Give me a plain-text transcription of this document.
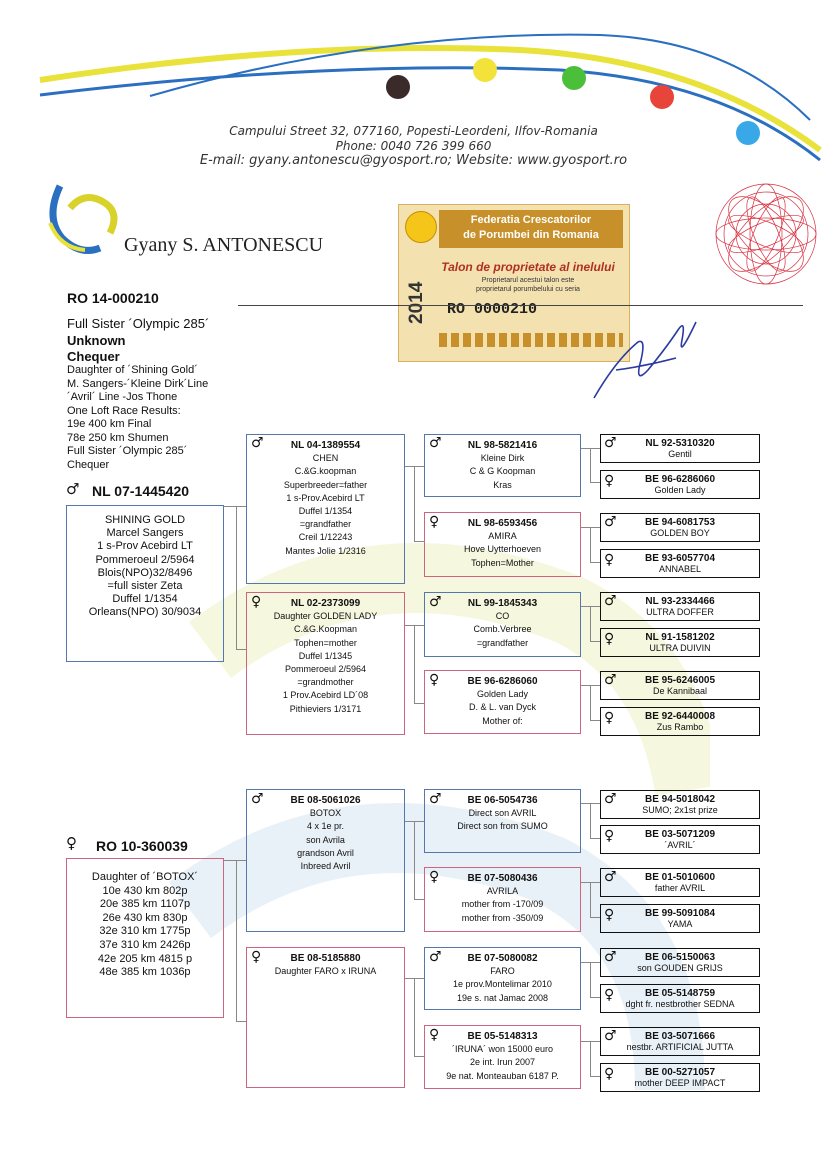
Campului Street 32, 077160, Popesti-Leordeni, Ilfov-Romania
Phone: 0040 726 399 660
E-mail: gyany.antonescu@gyosport.ro; Website: www.gyosport.ro
Gyany S. ANTONESCU
Federatia Crescatorilor
de Porumbei din Romania
Talon de proprietate al inelului
Proprietarul acestui talon este
proprietarul porumbelului cu seria
2014 RO 0000210
RO 14-000210
Full Sister ´Olympic 285´
Unknown
Chequer
Daughter of ´Shining Gold´
M. Sangers-´Kleine Dirk´Line
´Avril´ Line -Jos Thone
One Loft Race Results:
19e 400 km Final
78e 250 km Shumen
Full Sister ´Olympic 285´
Chequer
♂ NL 07-1445420
SHINING GOLD
Marcel Sangers
1 s-Prov Acebird LT
Pommeroeul 2/5964
Blois(NPO)32/8496
=full sister Zeta
Duffel 1/1354
Orleans(NPO) 30/9034
♀ RO 10-360039
Daughter of ´BOTOX´
10e 430 km 802p
20e 385 km 1107p
26e 430 km 830p
32e 310 km 1775p
37e 310 km 2426p
42e 205 km 4815 p
48e 385 km 1036p
♂	NL 04-1389554
CHEN
C.&G.koopman
Superbreeder=father
1 s-Prov.Acebird LT
Duffel 1/1354
=grandfather
Creil 1/12243
Mantes Jolie 1/2316
♀	NL 02-2373099
Daughter GOLDEN LADY
C.&G.Koopman
Tophen=mother
Duffel 1/1345
Pommeroeul 2/5964
=grandmother
1 Prov.Acebird LD´08
Pithieviers 1/3171
♂	BE 08-5061026
BOTOX
4 x 1e pr.
son Avrila
grandson Avril
Inbreed Avril
♀	BE 08-5185880
Daughter FARO x IRUNA
♂	NL 98-5821416
Kleine Dirk
C & G Koopman
Kras
♀	NL 98-6593456
AMIRA
Hove Uytterhoeven
Tophen=Mother
♂	NL 99-1845343
CO
Comb.Verbree
=grandfather
♀	BE 96-6286060
Golden Lady
D. & L. van Dyck
Mother of:
♂	BE 06-5054736
Direct son AVRIL
Direct son from SUMO
♀	BE 07-5080436
AVRILA
mother from -170/09
mother from -350/09
♂	BE 07-5080082
FARO
1e prov.Montelimar 2010
19e s. nat Jamac 2008
♀	BE 05-5148313
´IRUNA´ won 15000 euro
2e int. Irun 2007
9e nat. Monteauban 6187 P.
♂	NL 92-5310320
Gentil
♀	BE 96-6286060
Golden Lady
♂	BE 94-6081753
GOLDEN BOY
♀	BE 93-6057704
ANNABEL
♂	NL 93-2334466
ULTRA DOFFER
♀	NL 91-1581202
ULTRA DUIVIN
♂	BE 95-6246005
De Kannibaal
♀	BE 92-6440008
Zus Rambo
♂	BE 94-5018042
SUMO; 2x1st prize
♀	BE 03-5071209
´AVRIL´
♂	BE 01-5010600
father AVRIL
♀	BE 99-5091084
YAMA
♂	BE 06-5150063
son GOUDEN GRIJS
♀	BE 05-5148759
dght fr. nestbrother SEDNA
♂	BE 03-5071666
nestbr. ARTIFICIAL JUTTA
♀	BE 00-5271057
mother DEEP IMPACT
